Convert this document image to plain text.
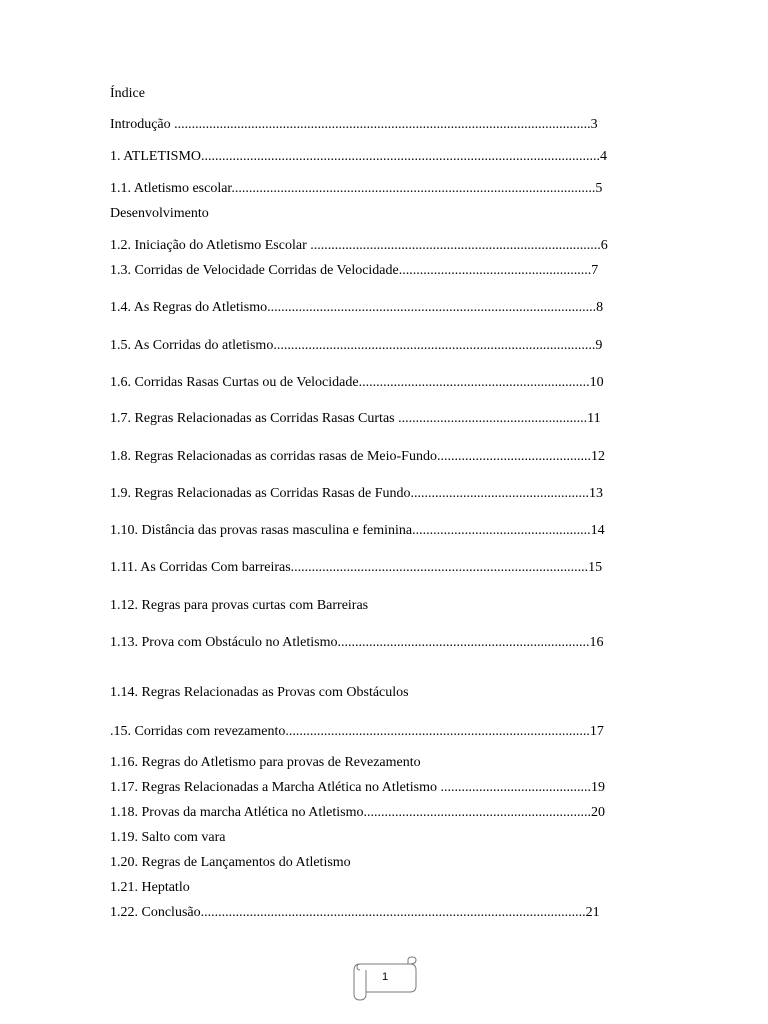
Índice
Introdução .......................................................................................................................3
1. ATLETISMO..................................................................................................................4
1.1. Atletismo escolar........................................................................................................5
Desenvolvimento
1.2. Iniciação do Atletismo Escolar ...................................................................................6
1.3. Corridas de Velocidade Corridas de Velocidade.......................................................7
1.4. As Regras do Atletismo..............................................................................................8
1.5. As Corridas do atletismo............................................................................................9
1.6. Corridas Rasas Curtas ou de Velocidade..................................................................10
1.7. Regras Relacionadas as Corridas Rasas Curtas ......................................................11
1.8. Regras Relacionadas as corridas rasas de Meio-Fundo............................................12
1.9. Regras Relacionadas as Corridas Rasas de Fundo...................................................13
1.10. Distância das provas rasas masculina e feminina...................................................14
1.11. As Corridas Com barreiras.....................................................................................15
1.12. Regras para provas curtas com Barreiras
1.13. Prova com Obstáculo no Atletismo........................................................................16
1.14. Regras Relacionadas as Provas com Obstáculos
.15. Corridas com revezamento.......................................................................................17
1.16. Regras do Atletismo para provas de Revezamento
1.17. Regras Relacionadas a Marcha Atlética no Atletismo ...........................................19
1.18. Provas da marcha Atlética no Atletismo.................................................................20
1.19. Salto com vara
1.20. Regras de Lançamentos do Atletismo
1.21. Heptatlo
1.22. Conclusão..............................................................................................................21
1
